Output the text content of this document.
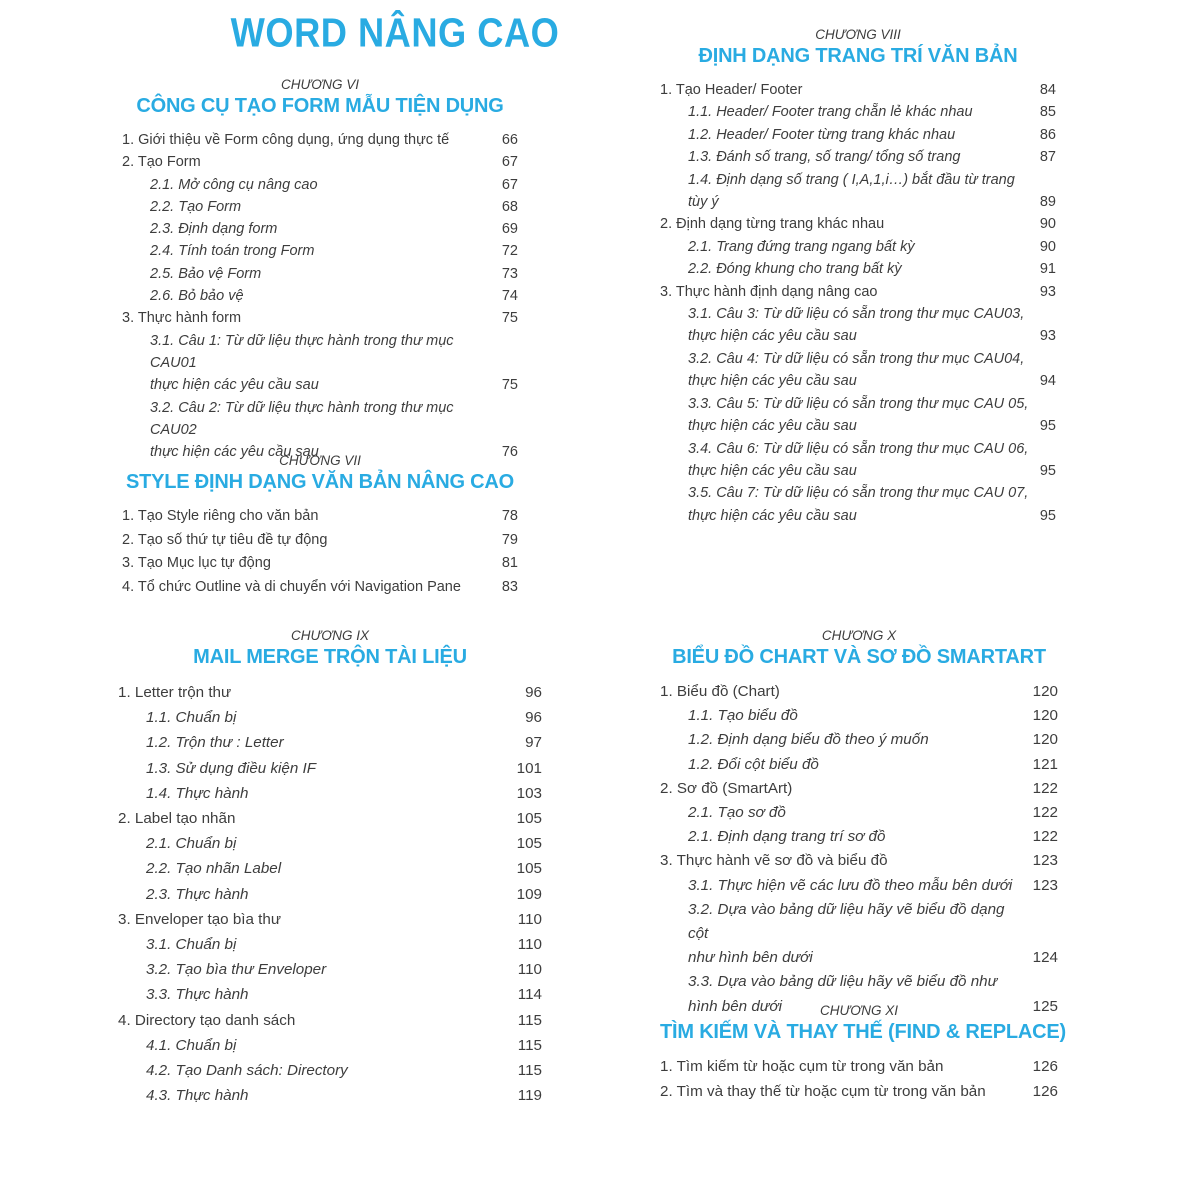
WORD NÂNG CAO
CHƯƠNG VI
CÔNG CỤ TẠO FORM MẪU TIỆN DỤNG
1. Giới thiệu về Form công dụng, ứng dụng thực tế	66
2. Tạo Form	67
2.1. Mở công cụ nâng cao	67
2.2. Tạo Form	68
2.3. Định dạng form	69
2.4. Tính toán trong Form	72
2.5. Bảo vệ Form	73
2.6. Bỏ bảo vệ	74
3. Thực hành form	75
3.1. Câu 1: Từ dữ liệu thực hành trong thư mục CAU01
thực hiện các yêu cầu sau	75
3.2. Câu 2: Từ dữ liệu thực hành trong thư mục CAU02
thực hiện các yêu cầu sau	76
CHƯƠNG VII
STYLE ĐỊNH DẠNG VĂN BẢN NÂNG CAO
1. Tạo Style riêng cho văn bản	78
2. Tạo số thứ tự tiêu đề tự động	79
3. Tạo Mục lục tự động	81
4. Tổ chức Outline và di chuyển với Navigation Pane	83
CHƯƠNG IX
MAIL MERGE TRỘN TÀI LIỆU
1. Letter trộn thư	96
1.1. Chuẩn bị	96
1.2. Trộn thư : Letter	97
1.3. Sử dụng điều kiện IF	101
1.4. Thực hành	103
2. Label tạo nhãn	105
2.1. Chuẩn bị	105
2.2. Tạo nhãn Label	105
2.3. Thực hành	109
3. Enveloper tạo bìa thư	110
3.1. Chuẩn bị	110
3.2. Tạo bìa thư Enveloper	110
3.3. Thực hành	114
4. Directory tạo danh sách	115
4.1. Chuẩn bị	115
4.2. Tạo Danh sách: Directory	115
4.3. Thực hành	119
CHƯƠNG VIII
ĐỊNH DẠNG TRANG TRÍ VĂN BẢN
1. Tạo Header/ Footer	84
1.1. Header/ Footer trang chẵn lẻ khác nhau	85
1.2. Header/ Footer từng trang khác nhau	86
1.3. Đánh số trang, số trang/ tổng số trang	87
1.4. Định dạng số trang ( I,A,1,i…) bắt đầu từ trang tùy ý	89
2. Định dạng từng trang khác nhau	90
2.1. Trang đứng trang ngang bất kỳ	90
2.2. Đóng khung cho trang bất kỳ	91
3. Thực hành định dạng nâng cao	93
3.1. Câu 3: Từ dữ liệu có sẵn trong thư mục CAU03,
thực hiện các yêu cầu sau	93
3.2. Câu 4: Từ dữ liệu có sẵn trong thư mục CAU04,
thực hiện các yêu cầu sau	94
3.3. Câu 5: Từ dữ liệu có sẵn trong thư mục CAU 05,
thực hiện các yêu cầu sau	95
3.4. Câu 6: Từ dữ liệu có sẵn trong thư mục CAU 06,
thực hiện các yêu cầu sau	95
3.5. Câu 7: Từ dữ liệu có sẵn trong thư mục CAU 07,
thực hiện các yêu cầu sau	95
CHƯƠNG X
BIỂU ĐỒ CHART VÀ SƠ ĐỒ SMARTART
1. Biểu đồ (Chart)	120
1.1. Tạo biểu đồ	120
1.2. Định dạng biểu đồ theo ý muốn	120
1.2. Đổi cột biểu đồ	121
2. Sơ đồ (SmartArt)	122
2.1. Tạo sơ đồ	122
2.1. Định dạng trang trí sơ đồ	122
3. Thực hành vẽ sơ đồ và biểu đồ	123
3.1. Thực hiện vẽ các lưu đồ theo mẫu bên dưới	123
3.2. Dựa vào bảng dữ liệu hãy vẽ biểu đồ dạng cột
như hình bên dưới	124
3.3. Dựa vào bảng dữ liệu hãy vẽ biểu đồ như hình bên dưới	125
CHƯƠNG XI
TÌM KIẾM VÀ THAY THẾ (FIND & REPLACE)
1. Tìm kiếm từ hoặc cụm từ trong văn bản	126
2. Tìm và thay thế từ hoặc cụm từ trong văn bản	126
